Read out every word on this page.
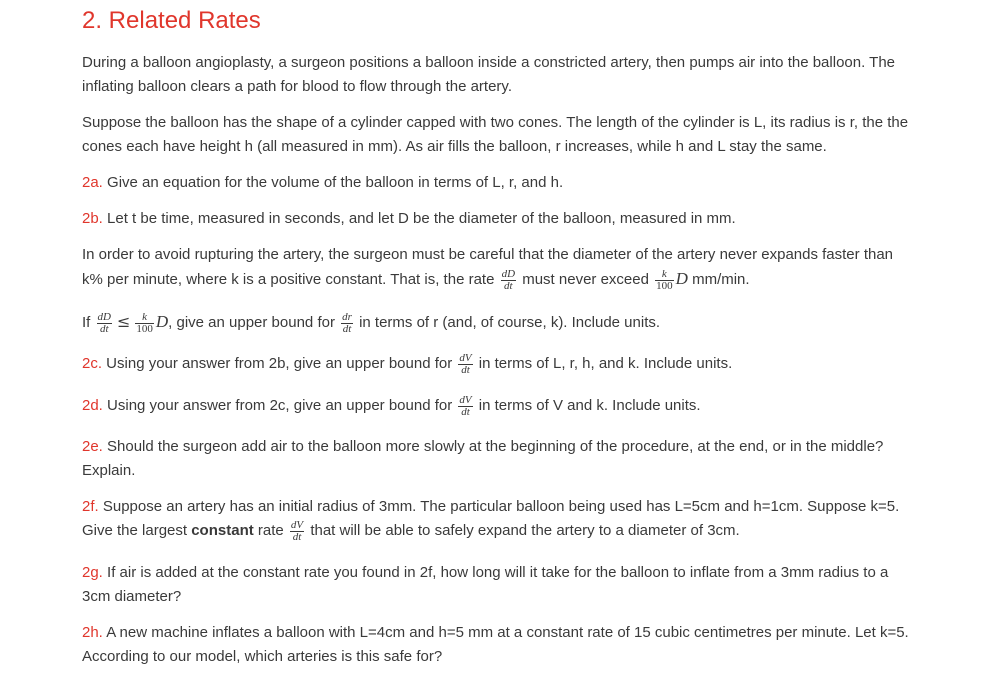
2. Related Rates

During a balloon angioplasty, a surgeon positions a balloon inside a constricted artery, then pumps air into the balloon. The inflating balloon clears a path for blood to flow through the artery.

Suppose the balloon has the shape of a cylinder capped with two cones. The length of the cylinder is L, its radius is r, the the cones each have height h (all measured in mm). As air fills the balloon, r increases, while h and L stay the same.

2a. Give an equation for the volume of the balloon in terms of L, r, and h.

2b. Let t be time, measured in seconds, and let D be the diameter of the balloon, measured in mm.

In order to avoid rupturing the artery, the surgeon must be careful that the diameter of the artery never expands faster than k% per minute, where k is a positive constant. That is, the rate $\frac{dD}{dt}$ must never exceed $\frac{k}{100}$ D mm/min.

If $\frac{dD}{dt} \le \frac{k}{100} D$, give an upper bound for $\frac{dr}{dt}$ in terms of r (and, of course, k). Include units.

2c. Using your answer from 2b, give an upper bound for $\frac{dV}{dt}$ in terms of L, r, h, and k. Include units.

2d. Using your answer from 2c, give an upper bound for $\frac{dV}{dt}$ in terms of V and k. Include units.

2e. Should the surgeon add air to the balloon more slowly at the beginning of the procedure, at the end, or in the middle? Explain.

2f. Suppose an artery has an initial radius of 3mm. The particular balloon being used has L=5cm and h=1cm. Suppose k=5. Give the largest constant rate $\frac{dV}{dt}$ that will be able to safely expand the artery to a diameter of 3cm.

2g. If air is added at the constant rate you found in 2f, how long will it take for the balloon to inflate from a 3mm radius to a 3cm diameter?

2h. A new machine inflates a balloon with L=4cm and h=5 mm at a constant rate of 15 cubic centimetres per minute. Let k=5. According to our model, which arteries is this safe for?
